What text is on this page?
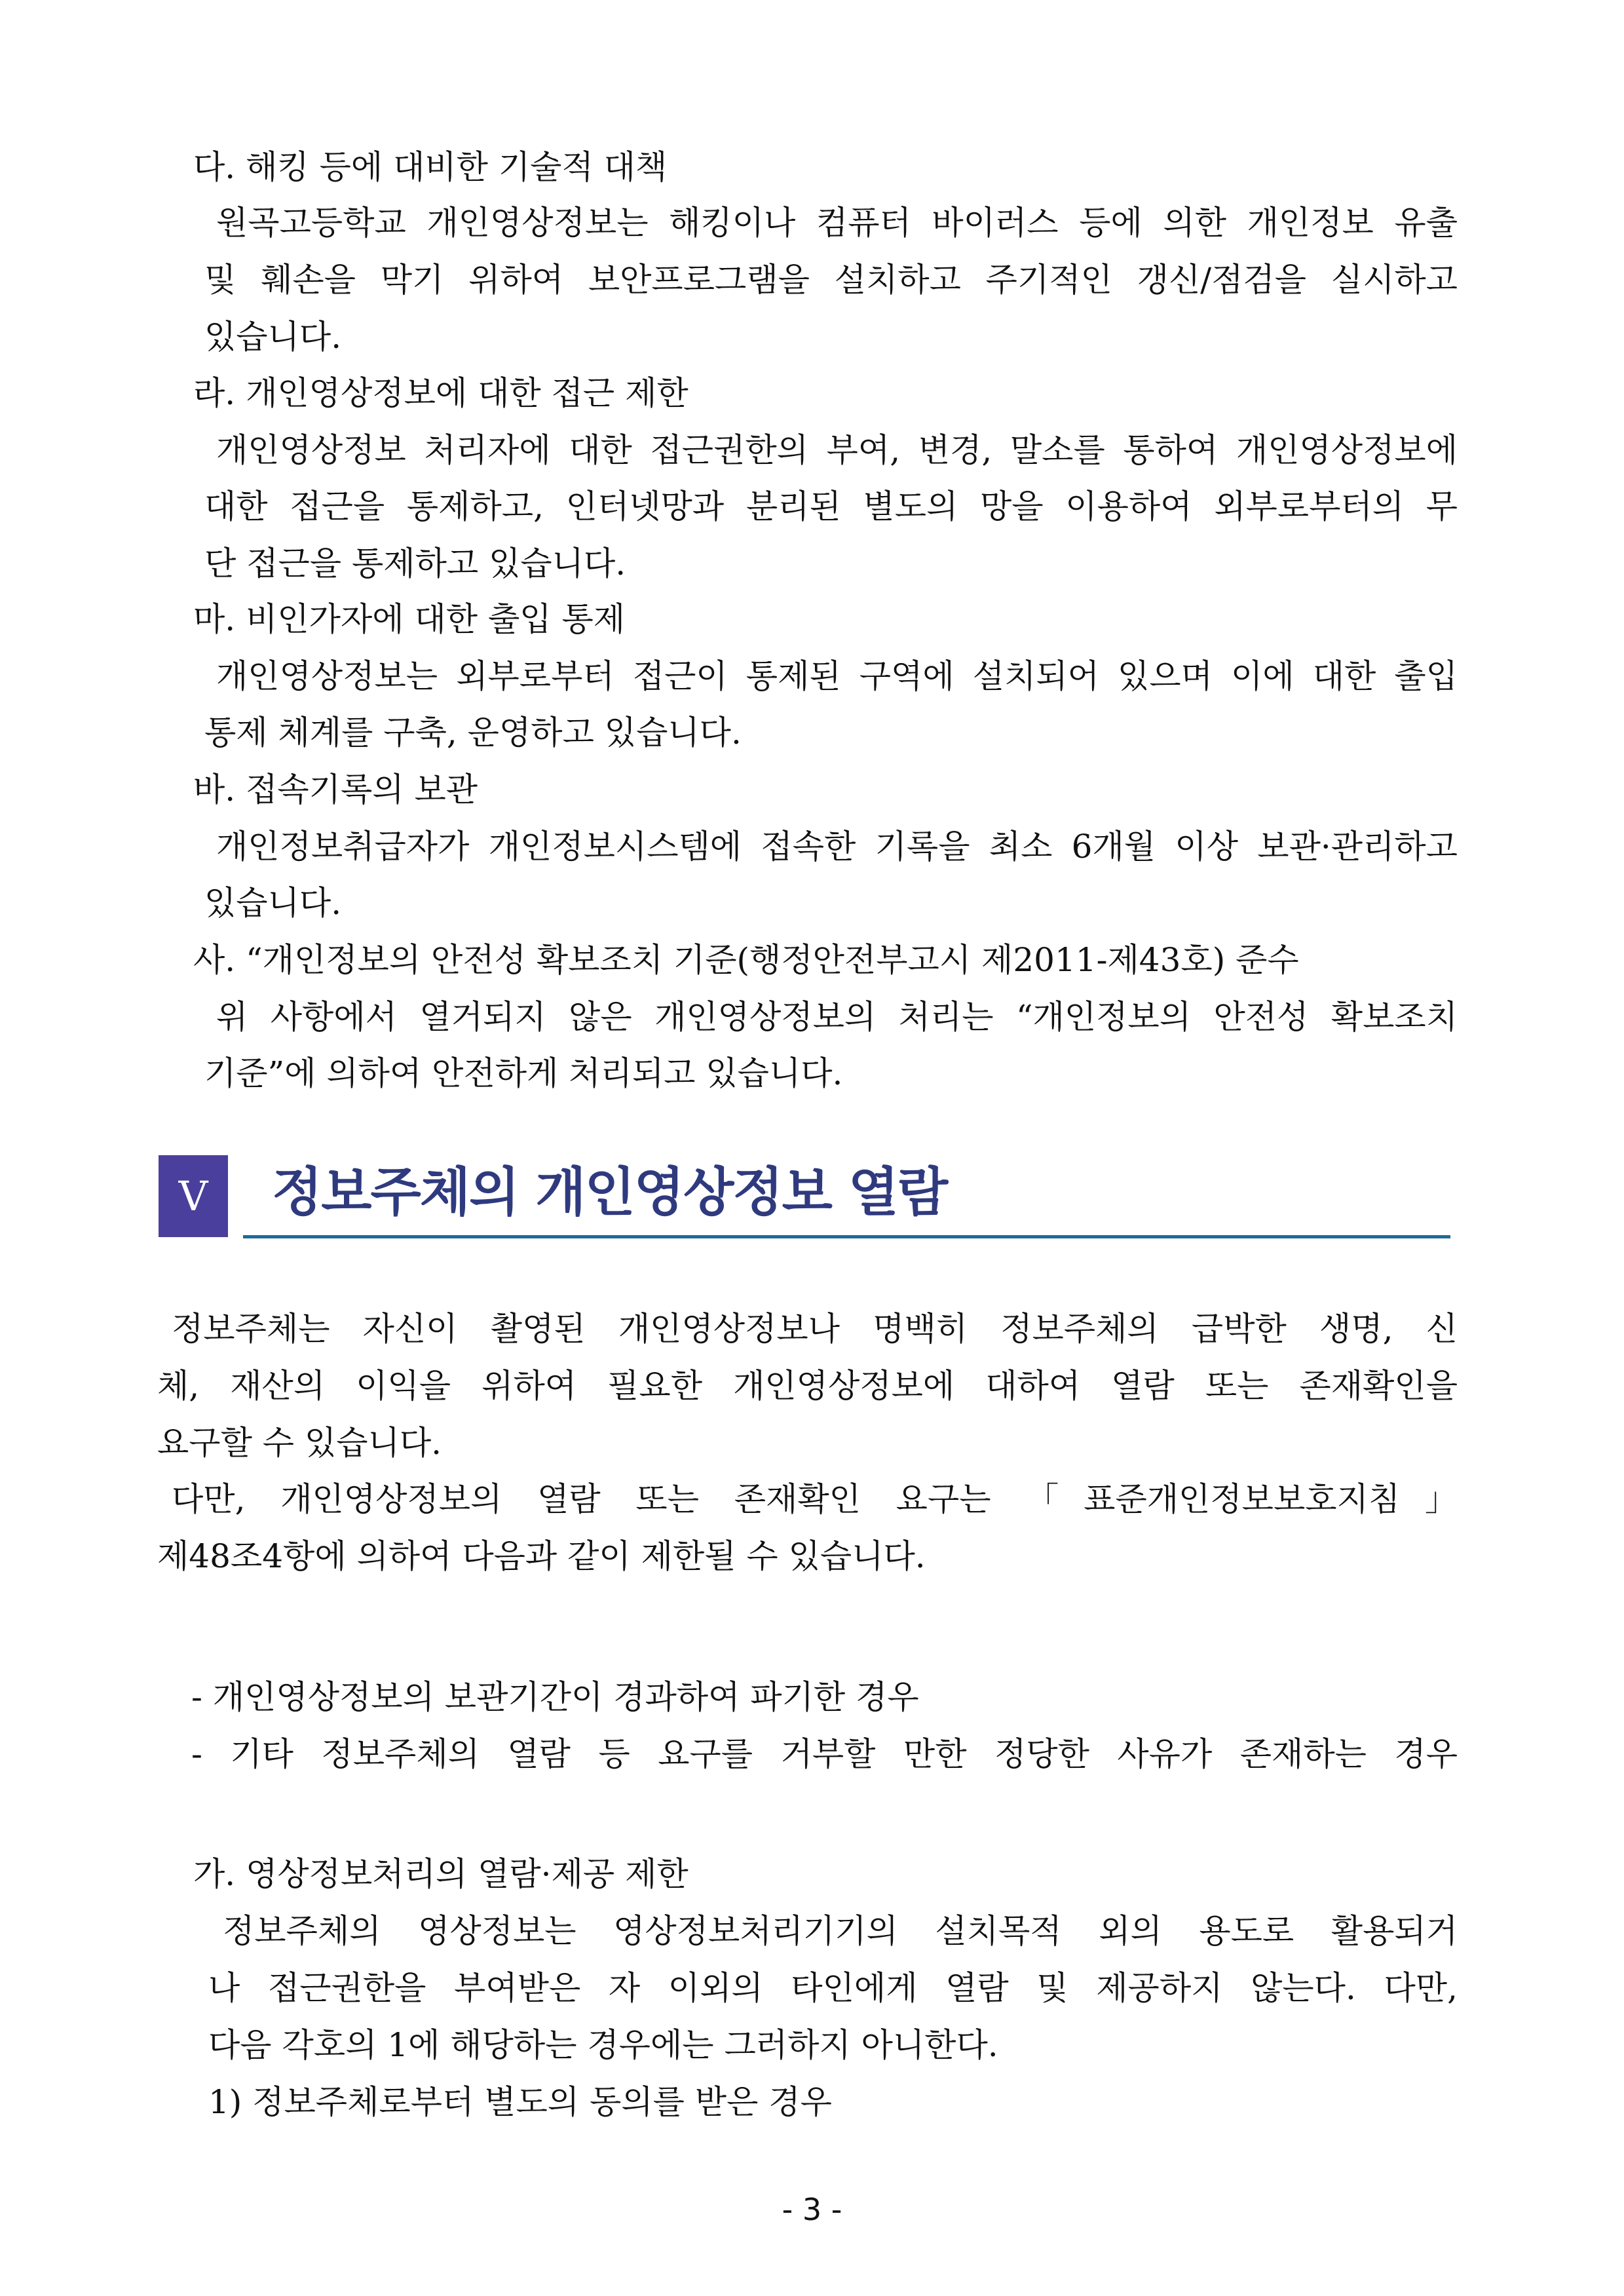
다. 해킹 등에 대비한 기술적 대책
원곡고등학교 개인영상정보는 해킹이나 컴퓨터 바이러스 등에 의한 개인정보 유출
및 훼손을 막기 위하여 보안프로그램을 설치하고 주기적인 갱신/점검을 실시하고
있습니다.
라. 개인영상정보에 대한 접근 제한
개인영상정보 처리자에 대한 접근권한의 부여, 변경, 말소를 통하여 개인영상정보에
대한 접근을 통제하고, 인터넷망과 분리된 별도의 망을 이용하여 외부로부터의 무
단 접근을 통제하고 있습니다.
마. 비인가자에 대한 출입 통제
개인영상정보는 외부로부터 접근이 통제된 구역에 설치되어 있으며 이에 대한 출입
통제 체계를 구축, 운영하고 있습니다.
바. 접속기록의 보관
개인정보취급자가 개인정보시스템에 접속한 기록을 최소 6개월 이상 보관·관리하고
있습니다.
사. “개인정보의 안전성 확보조치 기준(행정안전부고시 제2011-제43호) 준수
위 사항에서 열거되지 않은 개인영상정보의 처리는 “개인정보의 안전성 확보조치
기준”에 의하여 안전하게 처리되고 있습니다.
V 정보주체의 개인영상정보 열람
정보주체는 자신이 촬영된 개인영상정보나 명백히 정보주체의 급박한 생명, 신
체, 재산의 이익을 위하여 필요한 개인영상정보에 대하여 열람 또는 존재확인을
요구할 수 있습니다.
다만, 개인영상정보의 열람 또는 존재확인 요구는 「표준개인정보보호지침」
제48조4항에 의하여 다음과 같이 제한될 수 있습니다.
- 개인영상정보의 보관기간이 경과하여 파기한 경우
- 기타 정보주체의 열람 등 요구를 거부할 만한 정당한 사유가 존재하는 경우
가. 영상정보처리의 열람·제공 제한
정보주체의 영상정보는 영상정보처리기기의 설치목적 외의 용도로 활용되거
나 접근권한을 부여받은 자 이외의 타인에게 열람 및 제공하지 않는다. 다만,
다음 각호의 1에 해당하는 경우에는 그러하지 아니한다.
1) 정보주체로부터 별도의 동의를 받은 경우
- 3 -
